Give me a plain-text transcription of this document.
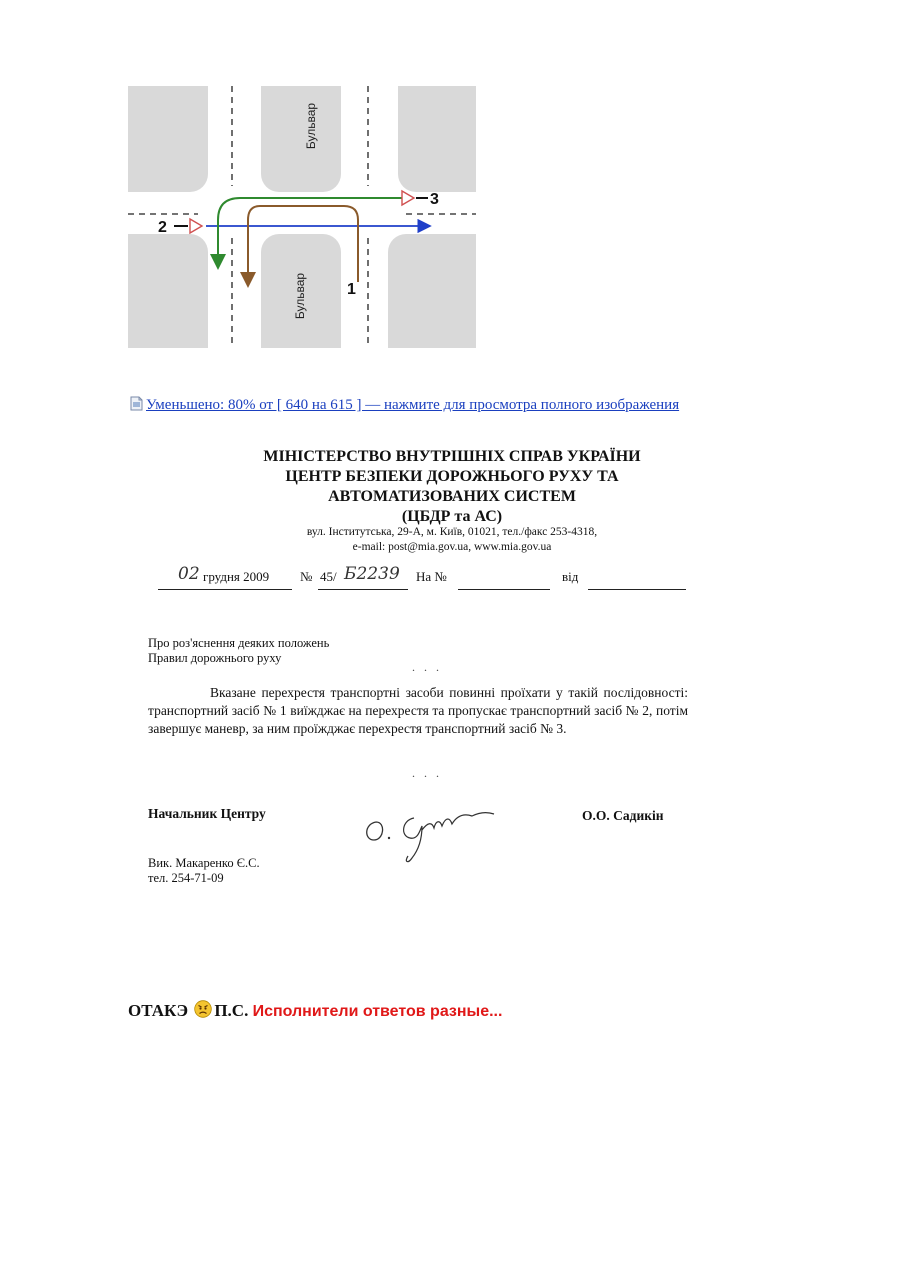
Бульвар
Бульвар
2
3
1
Уменьшено: 80% от [ 640 на 615 ] — нажмите для просмотра полного изображения
МІНІСТЕРСТВО ВНУТРІШНІХ СПРАВ УКРАЇНИ
ЦЕНТР БЕЗПЕКИ ДОРОЖНЬОГО РУХУ ТА
АВТОМАТИЗОВАНИХ СИСТЕМ
(ЦБДР та АС)
вул. Інститутська, 29-А, м. Київ, 01021, тел./факс 253-4318,
e-mail: post@mia.gov.ua, www.mia.gov.ua
02 грудня 2009 № 45/ Б2239 На №	від
Про роз'яснення деяких положень
Правил дорожнього руху
. . .
Вказане перехрестя транспортні засоби повинні проїхати у такій послідовності: транспортний засіб № 1 виїжджає на перехрестя та пропускає транспортний засіб № 2, потім завершує маневр, за ним проїжджає перехрестя транспортний засіб № 3.
. . .
Начальник Центру	О.О. Садикін
Вик. Макаренко Є.С.
тел. 254-71-09
ОТАКЭ П.С. Исполнители ответов разные...
